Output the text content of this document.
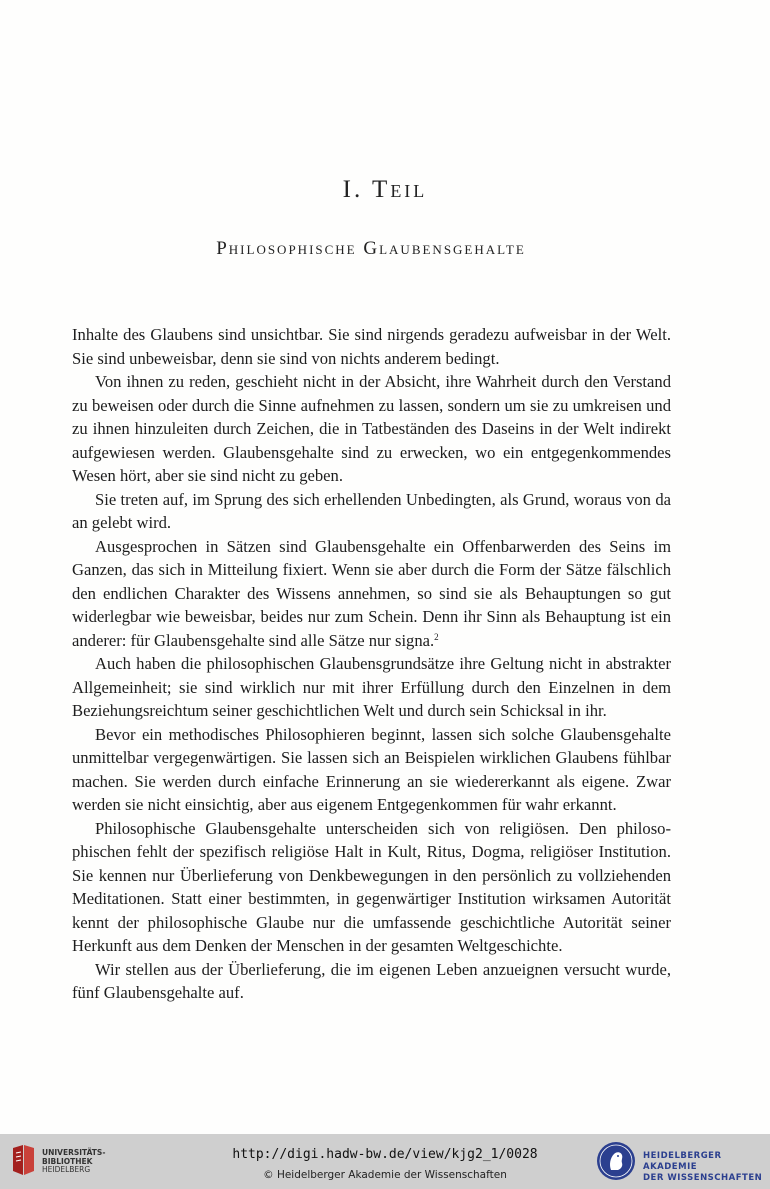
I. Teil
Philosophische Glaubensgehalte

Inhalte des Glaubens sind unsichtbar. Sie sind nirgends geradezu aufweisbar in der Welt. Sie sind unbeweisbar, denn sie sind von nichts anderem bedingt.

Von ihnen zu reden, geschieht nicht in der Absicht, ihre Wahrheit durch den Verstand zu beweisen oder durch die Sinne aufnehmen zu lassen, sondern um sie zu umkreisen und zu ihnen hinzuleiten durch Zeichen, die in Tatbeständen des Daseins in der Welt indirekt aufgewiesen werden. Glaubensgehalte sind zu erwecken, wo ein entgegenkommendes Wesen hört, aber sie sind nicht zu geben.

Sie treten auf, im Sprung des sich erhellenden Unbedingten, als Grund, woraus von da an gelebt wird.

Ausgesprochen in Sätzen sind Glaubensgehalte ein Offenbarwerden des Seins im Ganzen, das sich in Mitteilung fixiert. Wenn sie aber durch die Form der Sätze fälschlich den endlichen Charakter des Wissens annehmen, so sind sie als Behauptungen so gut widerlegbar wie beweisbar, beides nur zum Schein. Denn ihr Sinn als Behauptung ist ein anderer: für Glaubensgehalte sind alle Sätze nur signa.$^2$

Auch haben die philosophischen Glaubensgrundsätze ihre Geltung nicht in abstrakter Allgemeinheit; sie sind wirklich nur mit ihrer Erfüllung durch den Einzelnen in dem Beziehungsreichtum seiner geschichtlichen Welt und durch sein Schicksal in ihr.

Bevor ein methodisches Philosophieren beginnt, lassen sich solche Glaubensgehalte unmittelbar vergegenwärtigen. Sie lassen sich an Beispielen wirklichen Glaubens fühlbar machen. Sie werden durch einfache Erinnerung an sie wiedererkannt als eigene. Zwar werden sie nicht einsichtig, aber aus eigenem Entgegenkommen für wahr erkannt.

Philosophische Glaubensgehalte unterscheiden sich von religiösen. Den philosophischen fehlt der spezifisch religiöse Halt in Kult, Ritus, Dogma, religiöser Institution. Sie kennen nur Überlieferung von Denkbewegungen in den persönlich zu vollziehenden Meditationen. Statt einer bestimmten, in gegenwärtiger Institution wirksamen Autorität kennt der philosophische Glaube nur die umfassende geschichtliche Autorität seiner Herkunft aus dem Denken der Menschen in der gesamten Weltgeschichte.

Wir stellen aus der Überlieferung, die im eigenen Leben anzueignen versucht wurde, fünf Glaubensgehalte auf.

UNIVERSITÄTS-
BIBLIOTHEK
HEIDELBERG
http://digi.hadw-bw.de/view/kjg2_1/0028
© Heidelberger Akademie der Wissenschaften
HEIDELBERGER AKADEMIE
DER WISSENSCHAFTEN
